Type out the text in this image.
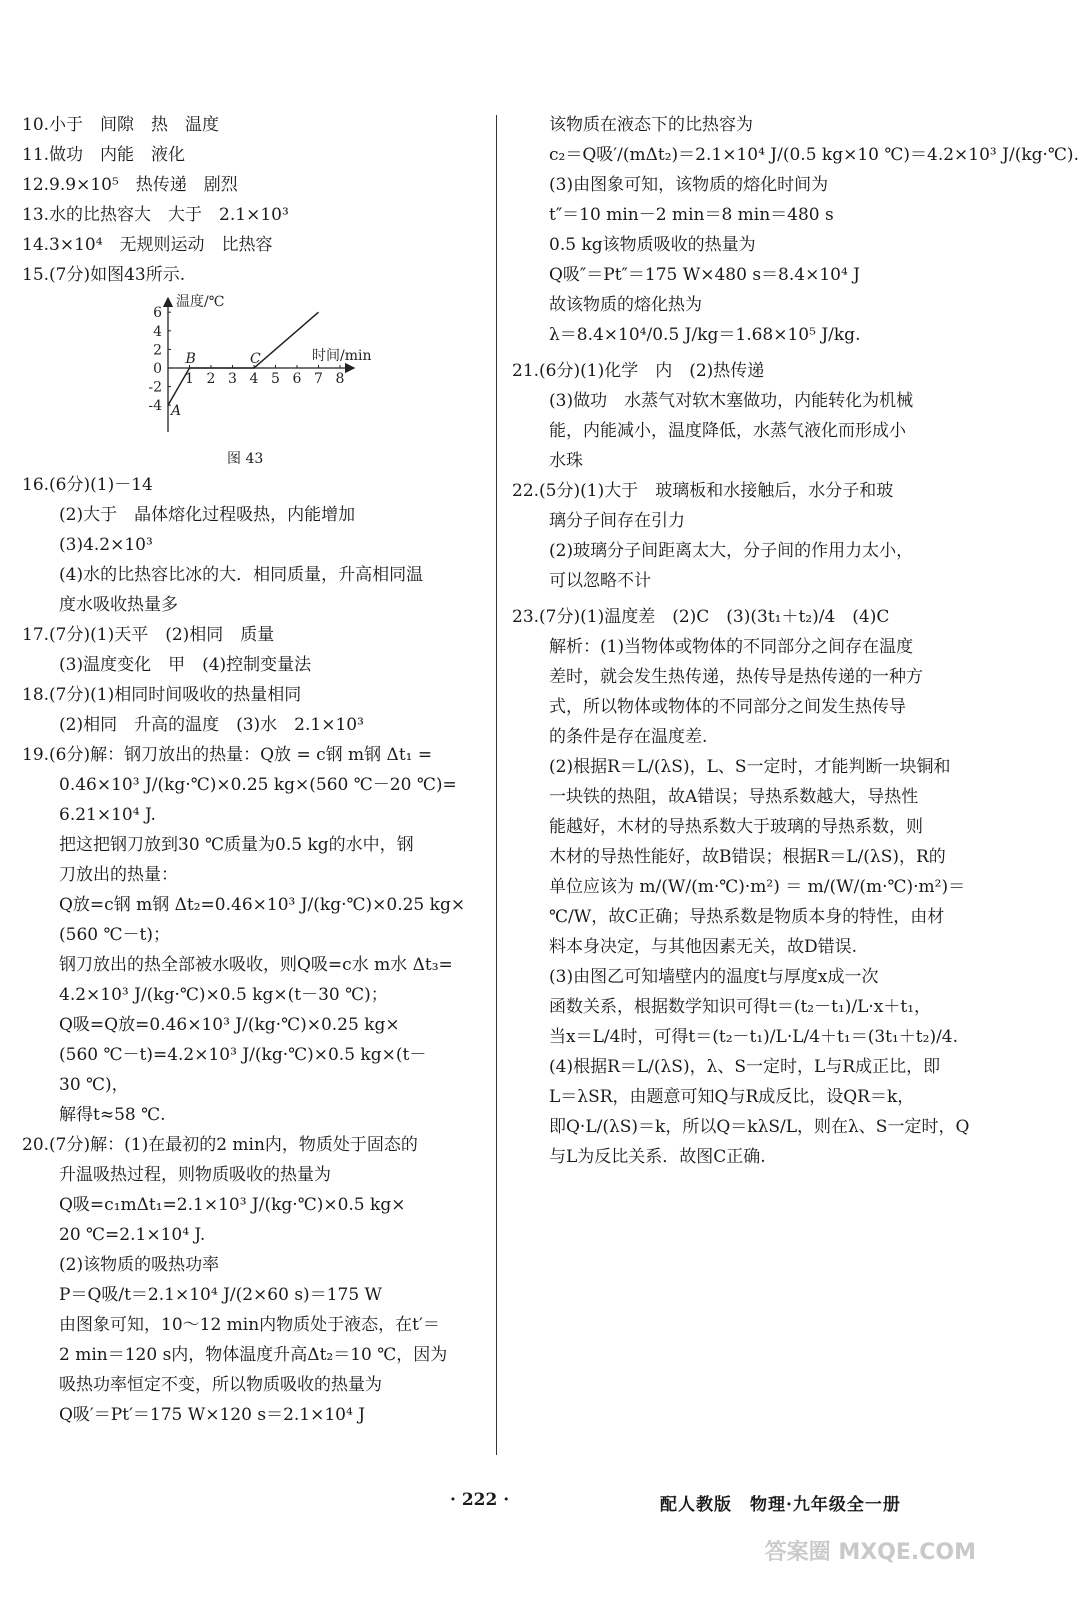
10.小于　间隙　热　温度
11.做功　内能　液化
12.9.9×10⁵　热传递　剧烈
13.水的比热容大　大于　2.1×10³
14.3×10⁴　无规则运动　比热容
15.(7分)如图43所示.
温度/℃
时间/min
1 2 3 4 5 6 7 8
6
4
2
0
-2
-4 A
B	C
图 43
16.(6分)(1)－14
　(2)大于　晶体熔化过程吸热，内能增加
　(3)4.2×10³
　(4)水的比热容比冰的大．相同质量，升高相同温
　度水吸收热量多
17.(7分)(1)天平　(2)相同　质量
　(3)温度变化　甲　(4)控制变量法
18.(7分)(1)相同时间吸收的热量相同
　(2)相同　升高的温度　(3)水　2.1×10³
19.(6分)解：钢刀放出的热量：Q放 = c钢 m钢 Δt₁ =
　0.46×10³ J/(kg·℃)×0.25 kg×(560 ℃－20 ℃)=
　6.21×10⁴ J.
　把这把钢刀放到30 ℃质量为0.5 kg的水中，钢
　刀放出的热量：
　Q放=c钢 m钢 Δt₂=0.46×10³ J/(kg·℃)×0.25 kg×
　(560 ℃－t)；
　钢刀放出的热全部被水吸收，则Q吸=c水 m水 Δt₃=
　4.2×10³ J/(kg·℃)×0.5 kg×(t－30 ℃)；
　Q吸=Q放=0.46×10³ J/(kg·℃)×0.25 kg×
　(560 ℃－t)=4.2×10³ J/(kg·℃)×0.5 kg×(t－
　30 ℃)，
　解得t≈58 ℃.
20.(7分)解：(1)在最初的2 min内，物质处于固态的
　升温吸热过程，则物质吸收的热量为
　Q吸=c₁mΔt₁=2.1×10³ J/(kg·℃)×0.5 kg×
　20 ℃=2.1×10⁴ J.
　(2)该物质的吸热功率
　P＝Q吸/t＝2.1×10⁴ J/(2×60 s)＝175 W
　由图象可知，10～12 min内物质处于液态，在t′＝
　2 min＝120 s内，物体温度升高Δt₂＝10 ℃，因为
　吸热功率恒定不变，所以物质吸收的热量为
　Q吸′＝Pt′＝175 W×120 s＝2.1×10⁴ J
　该物质在液态下的比热容为
　c₂＝Q吸′/(mΔt₂)＝2.1×10⁴ J/(0.5 kg×10 ℃)＝4.2×10³ J/(kg·℃).
　(3)由图象可知，该物质的熔化时间为
　t″＝10 min－2 min＝8 min＝480 s
　0.5 kg该物质吸收的热量为
　Q吸″＝Pt″＝175 W×480 s＝8.4×10⁴ J
　故该物质的熔化热为
　λ＝8.4×10⁴/0.5 J/kg＝1.68×10⁵ J/kg.
21.(6分)(1)化学　内　(2)热传递
　(3)做功　水蒸气对软木塞做功，内能转化为机械
　能，内能减小，温度降低，水蒸气液化而形成小
　水珠
22.(5分)(1)大于　玻璃板和水接触后，水分子和玻
　璃分子间存在引力
　(2)玻璃分子间距离太大，分子间的作用力太小，
　可以忽略不计
23.(7分)(1)温度差　(2)C　(3)(3t₁＋t₂)/4　(4)C
　解析：(1)当物体或物体的不同部分之间存在温度
　差时，就会发生热传递，热传导是热传递的一种方
　式，所以物体或物体的不同部分之间发生热传导
　的条件是存在温度差.
　(2)根据R＝L/(λS)，L、S一定时，才能判断一块铜和
　一块铁的热阻，故A错误；导热系数越大，导热性
　能越好，木材的导热系数大于玻璃的导热系数，则
　木材的导热性能好，故B错误；根据R＝L/(λS)，R的
　单位应该为 m/(W/(m·℃)·m²) ＝ m/(W/(m·℃)·m²)＝
　℃/W，故C正确；导热系数是物质本身的特性，由材
　料本身决定，与其他因素无关，故D错误.
　(3)由图乙可知墙壁内的温度t与厚度x成一次
　函数关系，根据数学知识可得t＝(t₂－t₁)/L·x＋t₁，
　当x＝L/4时，可得t＝(t₂－t₁)/L·L/4＋t₁＝(3t₁＋t₂)/4.
　(4)根据R＝L/(λS)，λ、S一定时，L与R成正比，即
　L＝λSR，由题意可知Q与R成反比，设QR＝k，
　即Q·L/(λS)＝k，所以Q＝kλS/L，则在λ、S一定时，Q
　与L为反比关系．故图C正确.
· 222 ·	配人教版　物理·九年级全一册
答案圈 MXQE.COM
